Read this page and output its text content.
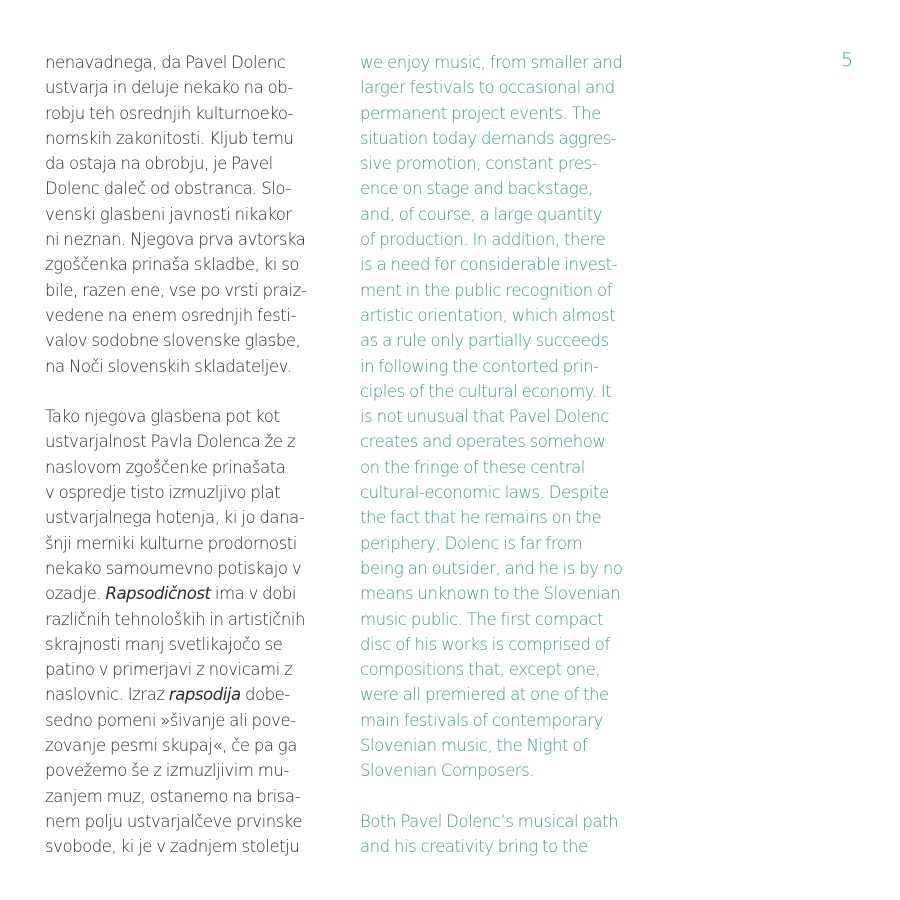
nenavadnega, da Pavel Dolenc
ustvarja in deluje nekako na ob-
robju teh osrednjih kulturnoeko-
nomskih zakonitosti. Kljub temu
da ostaja na obrobju, je Pavel
Dolenc daleč od obstranca. Slo-
venski glasbeni javnosti nikakor
ni neznan. Njegova prva avtorska
zgoščenka prinaša skladbe, ki so
bile, razen ene, vse po vrsti praiz-
vedene na enem osrednjih festi-
valov sodobne slovenske glasbe,
na Noči slovenskih skladateljev.
Tako njegova glasbena pot kot
ustvarjalnost Pavla Dolenca že z
naslovom zgoščenke prinašata
v ospredje tisto izmuzljivo plat
ustvarjalnega hotenja, ki jo dana-
šnji merniki kulturne prodornosti
nekako samoumevno potiskajo v
ozadje. Rapsodičnost ima v dobi
različnih tehnoloških in artističnih
skrajnosti manj svetlikajočo se
patino v primerjavi z novicami z
naslovnic. Izraz rapsodija dobe-
sedno pomeni »šivanje ali pove-
zovanje pesmi skupaj«, če pa ga
povežemo še z izmuzljivim mu-
zanjem muz, ostanemo na brisa-
nem polju ustvarjalčeve prvinske
svobode, ki je v zadnjem stoletju
we enjoy music, from smaller and
larger festivals to occasional and
permanent project events. The
situation today demands aggres-
sive promotion, constant pres-
ence on stage and backstage,
and, of course, a large quantity
of production. In addition, there
is a need for considerable invest-
ment in the public recognition of
artistic orientation, which almost
as a rule only partially succeeds
in following the contorted prin-
ciples of the cultural economy. It
is not unusual that Pavel Dolenc
creates and operates somehow
on the fringe of these central
cultural-economic laws. Despite
the fact that he remains on the
periphery, Dolenc is far from
being an outsider, and he is by no
means unknown to the Slovenian
music public. The first compact
disc of his works is comprised of
compositions that, except one,
were all premiered at one of the
main festivals of contemporary
Slovenian music, the Night of
Slovenian Composers.
Both Pavel Dolenc’s musical path
and his creativity bring to the
5
